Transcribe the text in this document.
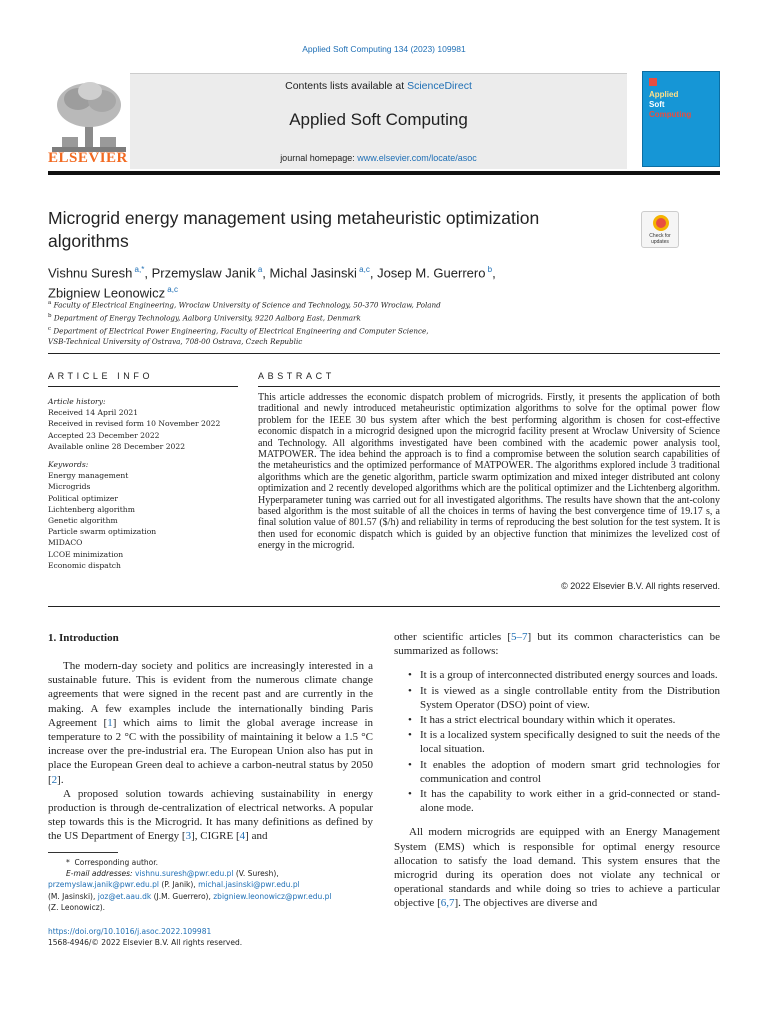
Applied Soft Computing 134 (2023) 109981
ELSEVIER
Contents lists available at ScienceDirect
Applied Soft Computing
journal homepage: www.elsevier.com/locate/asoc
Applied
Soft
Computing
Microgrid energy management using metaheuristic optimization algorithms	Check for
updates
Vishnu Suresh $^{a,*}$, Przemyslaw Janik $^a$, Michal Jasinski $^{a,c}$, Josep M. Guerrero $^b$,
Zbigniew Leonowicz $^{a,c}$
$^a$ Faculty of Electrical Engineering, Wroclaw University of Science and Technology, 50-370 Wroclaw, Poland
$^b$ Department of Energy Technology, Aalborg University, 9220 Aalborg East, Denmark
$^c$ Department of Electrical Power Engineering, Faculty of Electrical Engineering and Computer Science,
VSB-Technical University of Ostrava, 708-00 Ostrava, Czech Republic
ARTICLE INFO	ABSTRACT
Article history:
Received 14 April 2021
Received in revised form 10 November 2022
Accepted 23 December 2022
Available online 28 December 2022
Keywords:
Energy management
Microgrids
Political optimizer
Lichtenberg algorithm
Genetic algorithm
Particle swarm optimization
MIDACO
LCOE minimization
Economic dispatch
This article addresses the economic dispatch problem of microgrids. Firstly, it presents the application of both traditional and newly introduced metaheuristic optimization algorithms to solve for the optimal power flow problem for the IEEE 30 bus system after which the best performing algorithm is chosen for cost-effective economic dispatch in a microgrid designed upon the microgrid facility present at Wroclaw University of Science and Technology. All algorithms investigated have been combined with the academic power analysis tool, MATPOWER. The idea behind the approach is to find a compromise between the solution search capabilities of the metaheuristics and the optimized performance of MATPOWER. The algorithms explored include 3 traditional algorithms which are the genetic algorithm, particle swarm optimization and mixed integer distributed ant colony optimization and 2 recently developed algorithms which are the political optimizer and the Lichtenberg algorithm. Hyperparameter tuning was carried out for all investigated algorithms. The results have shown that the ant-colony based algorithm is the most suitable of all the choices in terms of having the best convergence time of 19.17 s, a final solution value of 801.57 ($/h) and reliability in terms of reproducing the best solution for the test system. It is then used for economic dispatch which is guided by an objective function that minimizes the levelized cost of energy in the microgrid.
© 2022 Elsevier B.V. All rights reserved.
1. Introduction

The modern-day society and politics are increasingly interested in a sustainable future. This is evident from the numerous climate change agreements that were signed in the recent past and are currently in the making. A few examples include the internationally binding Paris Agreement [1] which aims to limit the global average increase in temperature to 2 °C with the possibility of maintaining it below a 1.5 °C increase over the pre-industrial era. The European Union also has put in place the European Green deal to achieve a carbon-neutral status by 2050 [2].

A proposed solution towards achieving sustainability in energy production is through de-centralization of electrical networks. A popular step towards this is the Microgrid. It has many definitions as defined by the US Department of Energy [3], CIGRE [4] and

other scientific articles [5–7] but its common characteristics can be summarized as follows:
• It is a group of interconnected distributed energy sources and loads.
• It is viewed as a single controllable entity from the Distribution System Operator (DSO) point of view.
• It has a strict electrical boundary within which it operates.
• It is a localized system specifically designed to suit the needs of the local situation.
• It enables the adoption of modern smart grid technologies for communication and control
• It has the capability to work either in a grid-connected or stand-alone mode.
All modern microgrids are equipped with an Energy Management System (EMS) which is responsible for optimal energy resource allocation to satisfy the load demand. This system ensures that the microgrid during its operation does not violate any technical or operational standards and while doing so tries to achieve a particular objective [6,7]. The objectives are diverse and
* Corresponding author.
E-mail addresses: vishnu.suresh@pwr.edu.pl (V. Suresh),
przemyslaw.janik@pwr.edu.pl (P. Janik), michal.jasinski@pwr.edu.pl
(M. Jasinski), joz@et.aau.dk (J.M. Guerrero), zbigniew.leonowicz@pwr.edu.pl
(Z. Leonowicz).
https://doi.org/10.1016/j.asoc.2022.109981
1568-4946/© 2022 Elsevier B.V. All rights reserved.
